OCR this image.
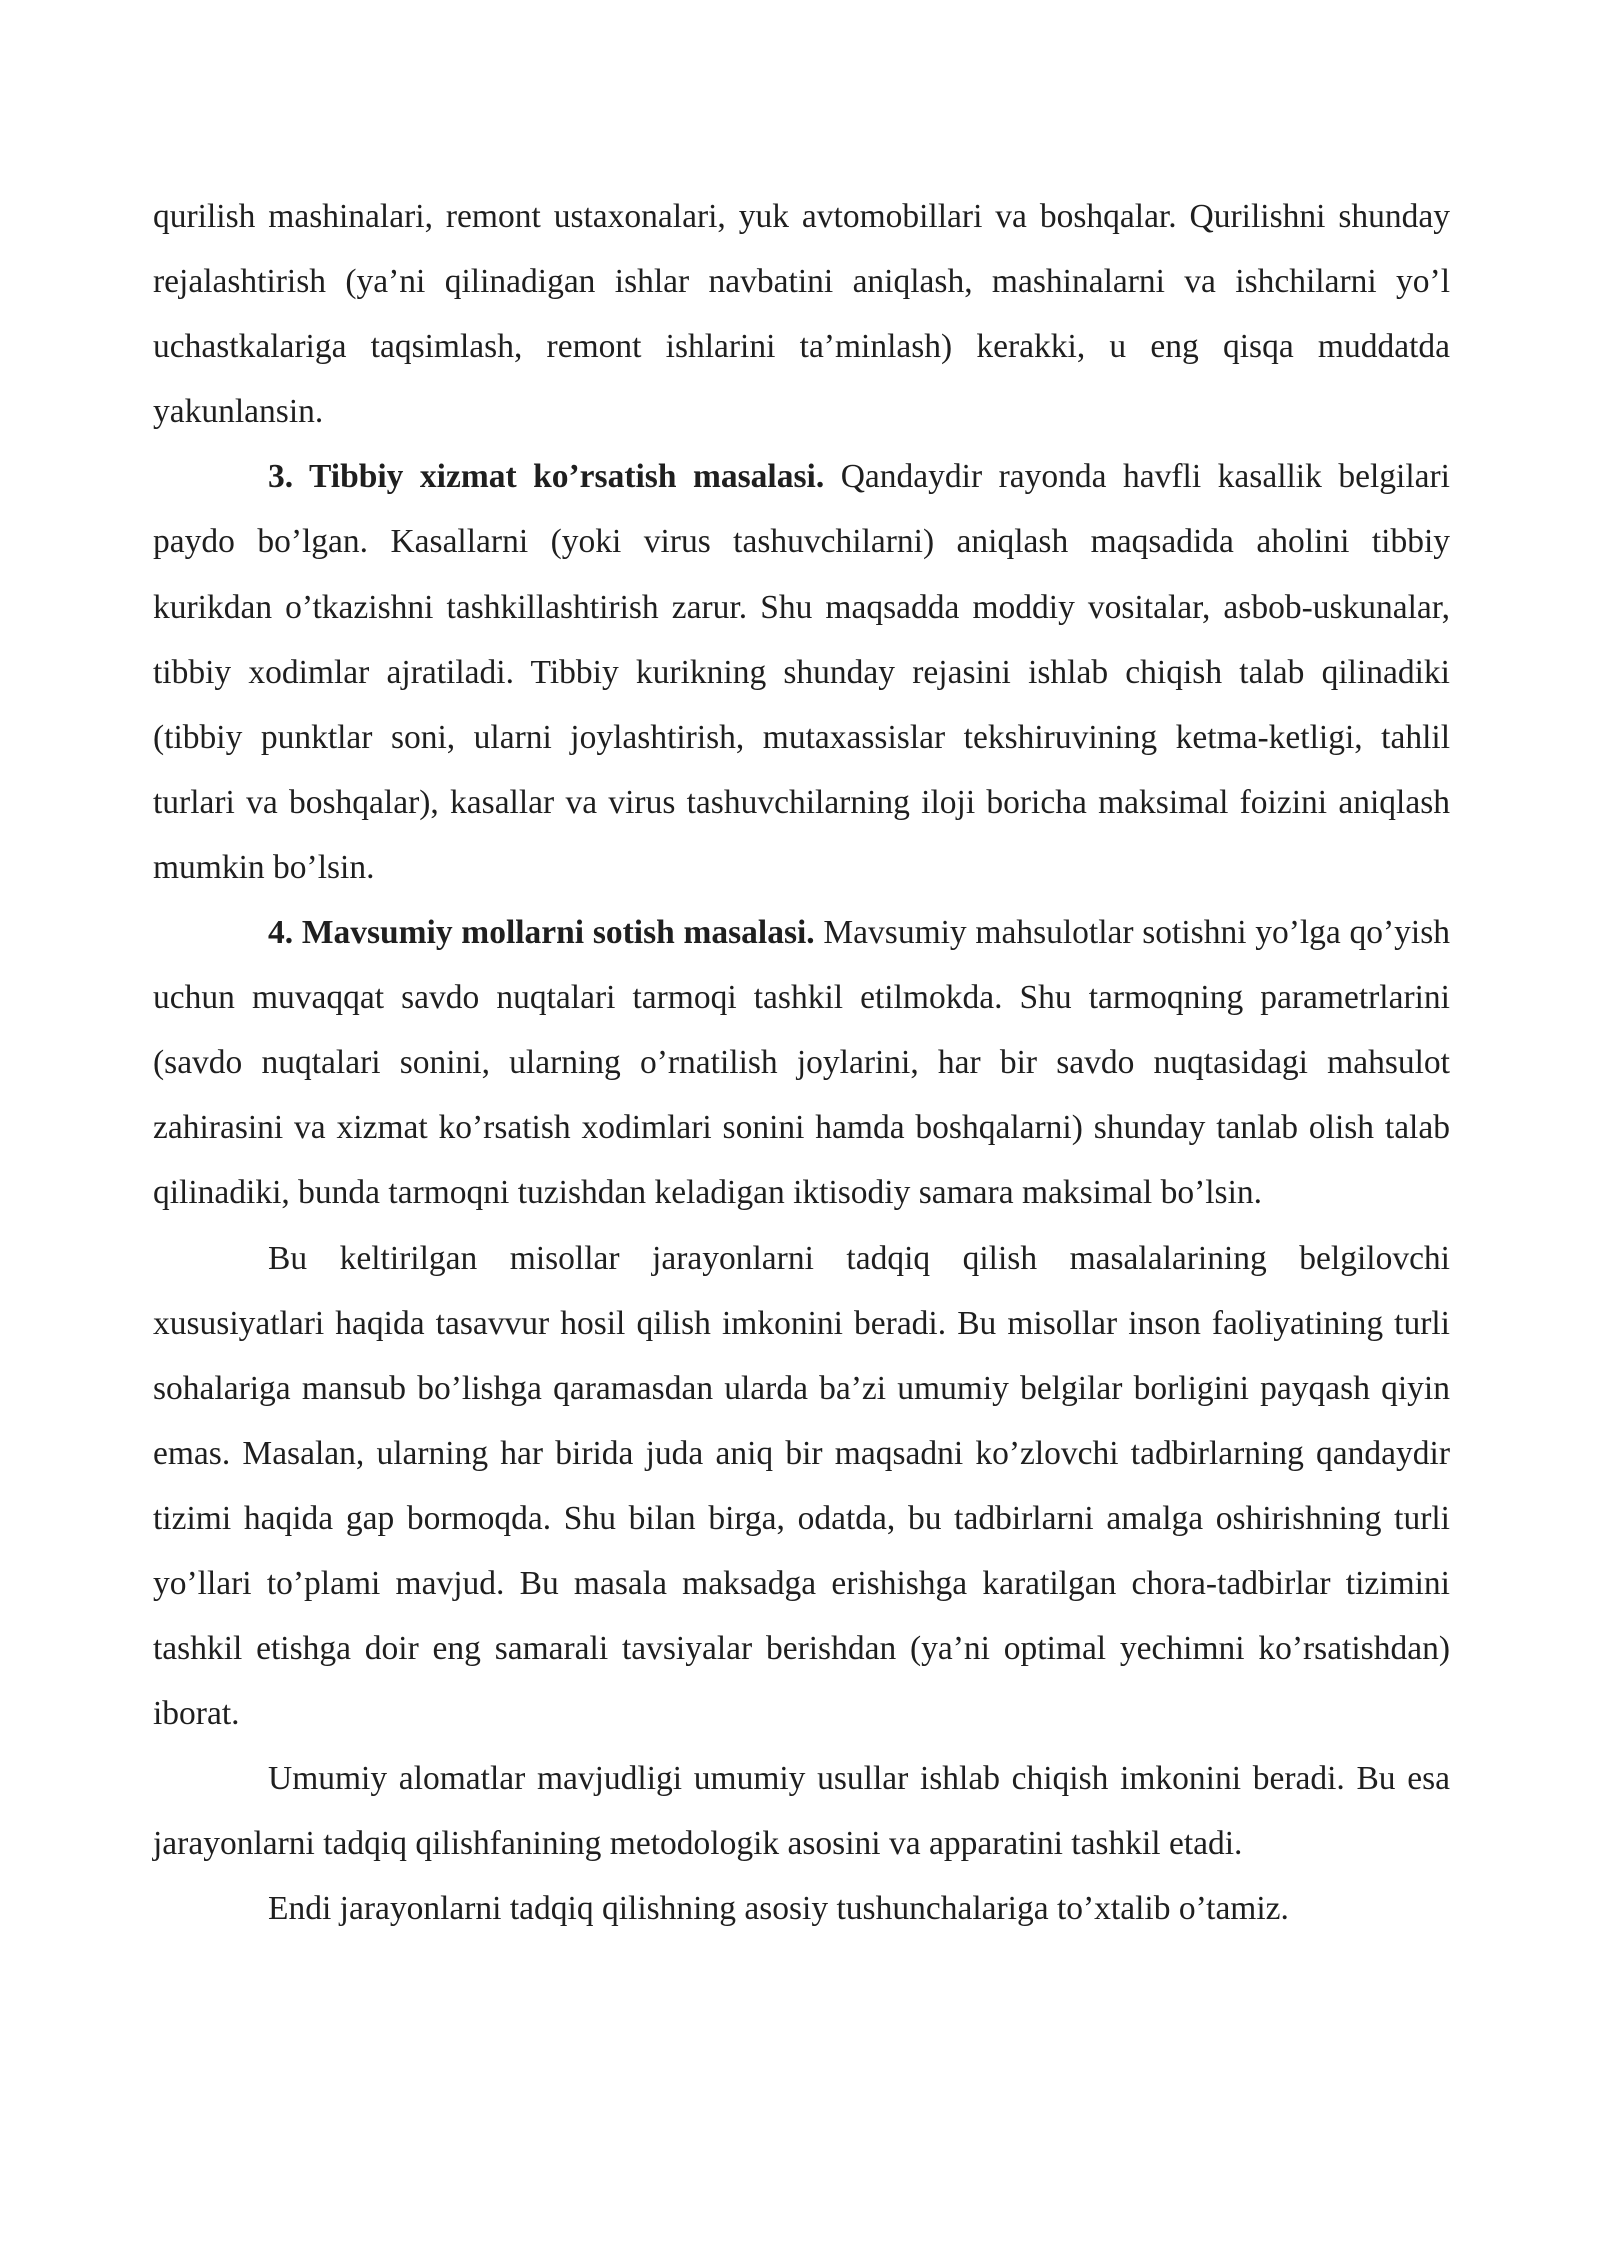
qurilish mashinalari, remont ustaxonalari, yuk avtomobillari va boshqalar. Qurilishni shunday rejalashtirish (ya’ni qilinadigan ishlar navbatini aniqlash, mashinalarni va ishchilarni yo’l uchastkalariga taqsimlash, remont ishlarini ta’minlash) kerakki, u eng qisqa muddatda yakunlansin.

3. Tibbiy xizmat ko’rsatish masalasi. Qandaydir rayonda havfli kasallik belgilari paydo bo’lgan. Kasallarni (yoki virus tashuvchilarni) aniqlash maqsadida aholini tibbiy kurikdan o’tkazishni tashkillashtirish zarur. Shu maqsadda moddiy vositalar, asbob-uskunalar, tibbiy xodimlar ajratiladi. Tibbiy kurikning shunday rejasini ishlab chiqish talab qilinadiki (tibbiy punktlar soni, ularni joylashtirish, mutaxassislar tekshiruvining ketma-ketligi, tahlil turlari va boshqalar), kasallar va virus tashuvchilarning iloji boricha maksimal foizini aniqlash mumkin bo’lsin.

4. Mavsumiy mollarni sotish masalasi. Mavsumiy mahsulotlar sotishni yo’lga qo’yish uchun muvaqqat savdo nuqtalari tarmoqi tashkil etilmokda. Shu tarmoqning parametrlarini (savdo nuqtalari sonini, ularning o’rnatilish joylarini, har bir savdo nuqtasidagi mahsulot zahirasini va xizmat ko’rsatish xodimlari sonini hamda boshqalarni) shunday tanlab olish talab qilinadiki, bunda tarmoqni tuzishdan keladigan iktisodiy samara maksimal bo’lsin.

Bu keltirilgan misollar jarayonlarni tadqiq qilish masalalarining belgilovchi xususiyatlari haqida tasavvur hosil qilish imkonini beradi. Bu misollar inson faoliyatining turli sohalariga mansub bo’lishga qaramasdan ularda ba’zi umumiy belgilar borligini payqash qiyin emas. Masalan, ularning har birida juda aniq bir maqsadni ko’zlovchi tadbirlarning qandaydir tizimi haqida gap bormoqda. Shu bilan birga, odatda, bu tadbirlarni amalga oshirishning turli yo’llari to’plami mavjud. Bu masala maksadga erishishga karatilgan chora-tadbirlar tizimini tashkil etishga doir eng samarali tavsiyalar berishdan (ya’ni optimal yechimni ko’rsatishdan) iborat.

Umumiy alomatlar mavjudligi umumiy usullar ishlab chiqish imkonini beradi. Bu esa jarayonlarni tadqiq qilishfanining metodologik asosini va apparatini tashkil etadi.

Endi jarayonlarni tadqiq qilishning asosiy tushunchalariga to’xtalib o’tamiz.
